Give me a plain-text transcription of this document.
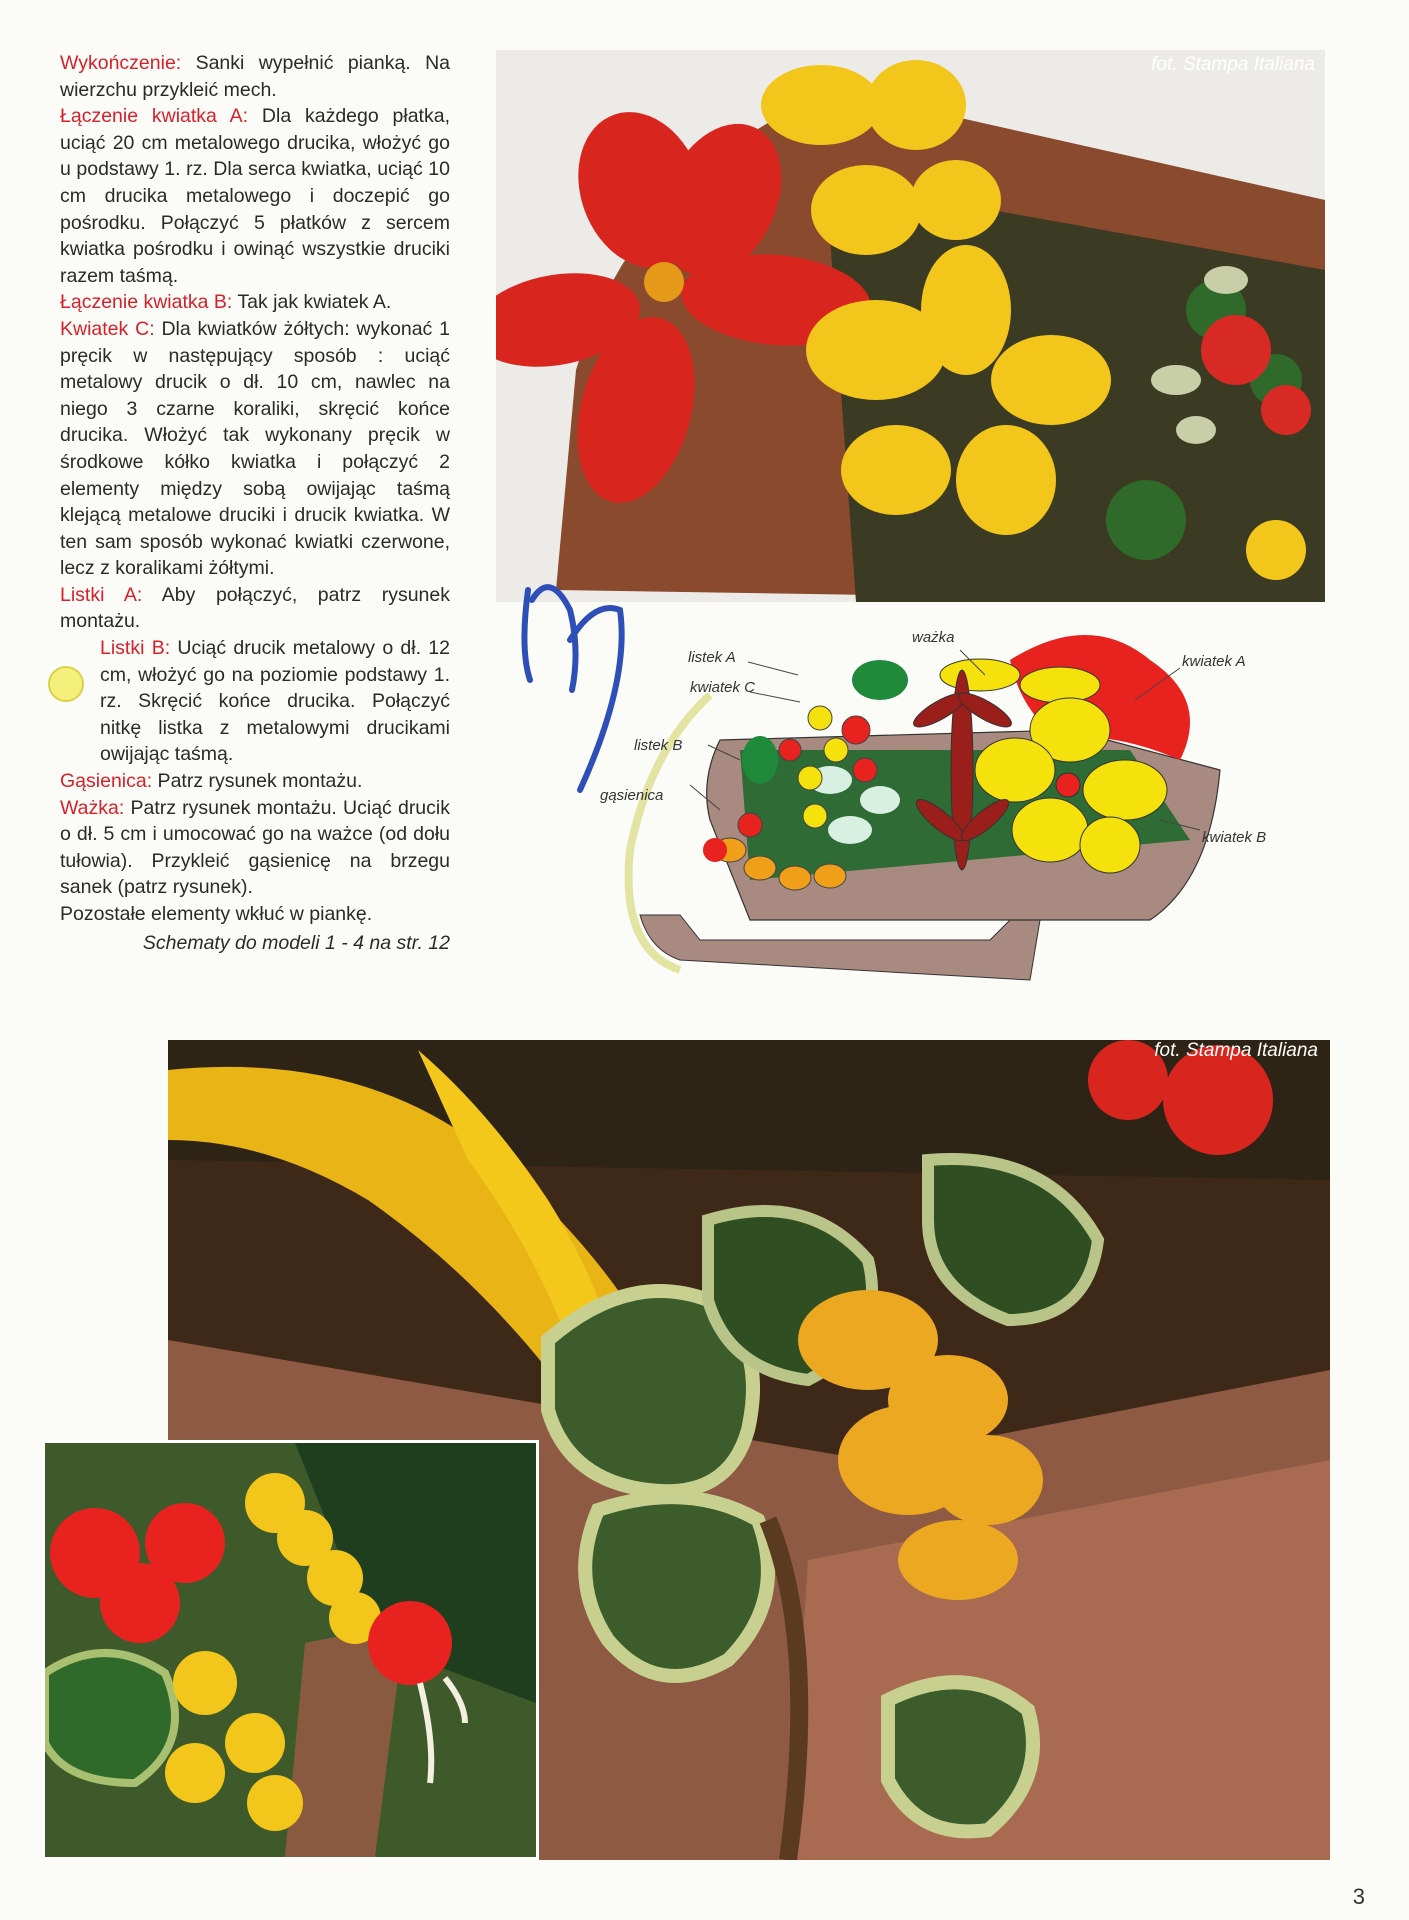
Wykończenie: Sanki wypełnić pianką. Na wierzchu przykleić mech.

Łączenie kwiatka A: Dla każdego płatka, uciąć 20 cm metalowego drucika, włożyć go u podstawy 1. rz. Dla serca kwiatka, uciąć 10 cm drucika metalowego i doczepić go pośrodku. Połączyć 5 płatków z sercem kwiatka pośrodku i owinąć wszystkie druciki razem taśmą.

Łączenie kwiatka B: Tak jak kwiatek A.

Kwiatek C: Dla kwiatków żółtych: wykonać 1 pręcik w następujący sposób : uciąć metalowy drucik o dł. 10 cm, nawlec na niego 3 czarne koraliki, skręcić końce drucika. Włożyć tak wykonany pręcik w środkowe kółko kwiatka i połączyć 2 elementy między sobą owijając taśmą klejącą metalowe druciki i drucik kwiatka. W ten sam sposób wykonać kwiatki czerwone, lecz z koralikami żółtymi.

Listki A: Aby połączyć, patrz rysunek montażu.

Listki B: Uciąć drucik metalowy o dł. 12 cm, włożyć go na poziomie podstawy 1. rz. Skręcić końce drucika. Połączyć nitkę listka z metalowymi drucikami owijając taśmą.

Gąsienica: Patrz rysunek montażu.

Ważka: Patrz rysunek montażu. Uciąć drucik o dł. 5 cm i umocować go na ważce (od dołu tułowia). Przykleić gąsienicę na brzegu sanek (patrz rysunek).

Pozostałe elementy wkłuć w piankę.

Schematy do modeli 1 - 4 na str. 12

fot. Stampa Italiana
listek A
kwiatek C
listek B
gąsienica
ważka
kwiatek A
kwiatek B
fot. Stampa Italiana
3
